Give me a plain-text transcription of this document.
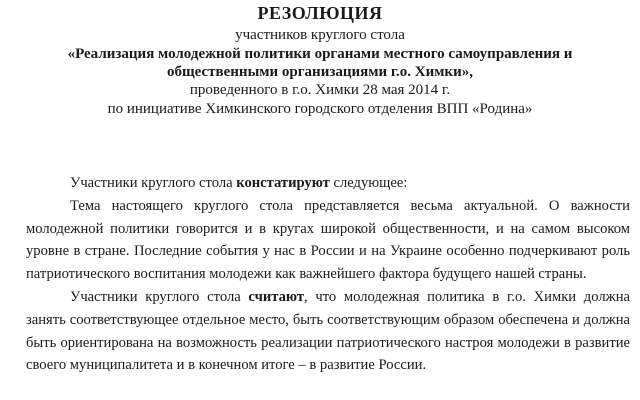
РЕЗОЛЮЦИЯ

участников круглого стола

«Реализация молодежной политики органами местного самоуправления и

общественными организациями г.о. Химки»,

проведенного в г.о. Химки 28 мая 2014 г.

по инициативе Химкинского городского отделения ВПП «Родина»

Участники круглого стола констатируют следующее:

Тема настоящего круглого стола представляется весьма актуальной. О важности молодежной политики говорится и в кругах широкой общественности, и на самом высоком уровне в стране. Последние события у нас в России и на Украине особенно подчеркивают роль патриотического воспитания молодежи как важнейшего фактора будущего нашей страны.

Участники круглого стола считают, что молодежная политика в г.о. Химки должна занять соответствующее отдельное место, быть соответствующим образом обеспечена и должна быть ориентирована на возможность реализации патриотического настроя молодежи в развитие своего муниципалитета и в конечном итоге – в развитие России.
